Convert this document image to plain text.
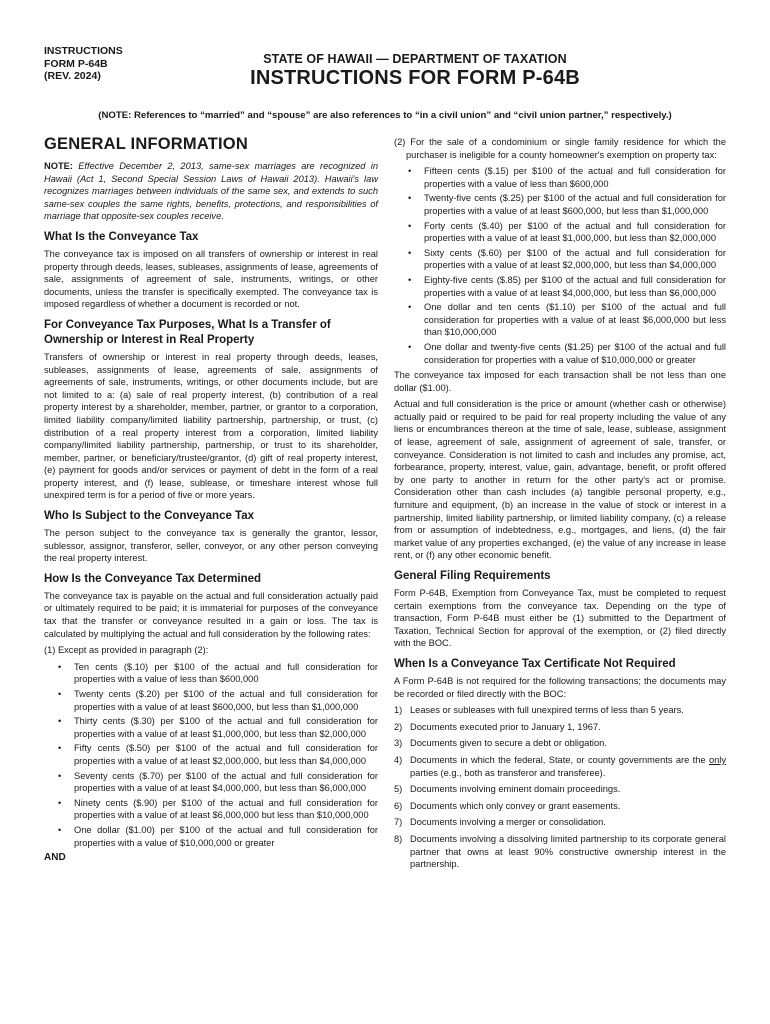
INSTRUCTIONS
FORM P-64B
(REV. 2024)
STATE OF HAWAII — DEPARTMENT OF TAXATION
INSTRUCTIONS FOR FORM P-64B
(NOTE: References to “married” and “spouse” are also references to “in a civil union” and “civil union partner,” respectively.)
GENERAL INFORMATION

NOTE: Effective December 2, 2013, same-sex marriages are recognized in Hawaii (Act 1, Second Special Session Laws of Hawaii 2013). Hawaii's law recognizes marriages between individuals of the same sex, and extends to such same-sex couples the same rights, benefits, protections, and responsibilities of marriage that opposite-sex couples receive.

What Is the Conveyance Tax

The conveyance tax is imposed on all transfers of ownership or interest in real property through deeds, leases, subleases, assignments of lease, agreements of sale, assignments of agreement of sale, instruments, writings, or other documents, unless the transfer is specifically exempted. The conveyance tax is imposed regardless of whether a document is recorded or not.

For Conveyance Tax Purposes, What Is a Transfer of Ownership or Interest in Real Property

Transfers of ownership or interest in real property through deeds, leases, subleases, assignments of lease, agreements of sale, assignments of agreements of sale, instruments, writings, or other documents include, but are not limited to a: (a) sale of real property interest, (b) contribution of a real property interest by a shareholder, member, partner, or grantor to a corporation, limited liability company/limited liability partnership, partnership, or trust, (c) distribution of a real property interest from a corporation, limited liability company/limited liability partnership, partnership, or trust to its shareholder, member, partner, or beneficiary/trustee/grantor, (d) gift of real property interest, (e) payment for goods and/or services or payment of debt in the form of a real property interest, and (f) lease, sublease, or timeshare interest whose full unexpired term is for a period of five or more years.

Who Is Subject to the Conveyance Tax

The person subject to the conveyance tax is generally the grantor, lessor, sublessor, assignor, transferor, seller, conveyor, or any other person conveying the real property interest.

How Is the Conveyance Tax Determined

The conveyance tax is payable on the actual and full consideration actually paid or ultimately required to be paid; it is immaterial for purposes of the conveyance tax that the transfer or conveyance resulted in a gain or loss. The tax is calculated by multiplying the actual and full consideration by the following rates:

(1) Except as provided in paragraph (2):

• Ten cents ($.10) per $100 of the actual and full consideration for properties with a value of less than $600,000
• Twenty cents ($.20) per $100 of the actual and full consideration for properties with a value of at least $600,000, but less than $1,000,000
• Thirty cents ($.30) per $100 of the actual and full consideration for properties with a value of at least $1,000,000, but less than $2,000,000
• Fifty cents ($.50) per $100 of the actual and full consideration for properties with a value of at least $2,000,000, but less than $4,000,000
• Seventy cents ($.70) per $100 of the actual and full consideration for properties with a value of at least $4,000,000, but less than $6,000,000
• Ninety cents ($.90) per $100 of the actual and full consideration for properties with a value of at least $6,000,000 but less than $10,000,000
• One dollar ($1.00) per $100 of the actual and full consideration for properties with a value of $10,000,000 or greater
AND

(2) For the sale of a condominium or single family residence for which the purchaser is ineligible for a county homeowner's exemption on property tax:

• Fifteen cents ($.15) per $100 of the actual and full consideration for properties with a value of less than $600,000
• Twenty-five cents ($.25) per $100 of the actual and full consideration for properties with a value of at least $600,000, but less than $1,000,000
• Forty cents ($.40) per $100 of the actual and full consideration for properties with a value of at least $1,000,000, but less than $2,000,000
• Sixty cents ($.60) per $100 of the actual and full consideration for properties with a value of at least $2,000,000, but less than $4,000,000
• Eighty-five cents ($.85) per $100 of the actual and full consideration for properties with a value of at least $4,000,000, but less than $6,000,000
• One dollar and ten cents ($1.10) per $100 of the actual and full consideration for properties with a value of at least $6,000,000 but less than $10,000,000
• One dollar and twenty-five cents ($1.25) per $100 of the actual and full consideration for properties with a value of $10,000,000 or greater

The conveyance tax imposed for each transaction shall be not less than one dollar ($1.00).

Actual and full consideration is the price or amount (whether cash or otherwise) actually paid or required to be paid for real property including the value of any liens or encumbrances thereon at the time of sale, lease, sublease, assignment of lease, agreement of sale, assignment of agreement of sale, transfer, or conveyance. Consideration is not limited to cash and includes any promise, act, forbearance, property, interest, value, gain, advantage, benefit, or profit offered by one party to another in return for the other party's act or promise. Consideration other than cash includes (a) tangible personal property, e.g., furniture and equipment, (b) an increase in the value of stock or interest in a partnership, limited liability partnership, or limited liability company, (c) a release from or assumption of indebtedness, e.g., mortgages, and liens, (d) the fair market value of any properties exchanged, (e) the value of any increase in lease rent, or (f) any other economic benefit.

General Filing Requirements

Form P-64B, Exemption from Conveyance Tax, must be completed to request certain exemptions from the conveyance tax. Depending on the type of transaction, Form P-64B must either be (1) submitted to the Department of Taxation, Technical Section for approval of the exemption, or (2) filed directly with the BOC.

When Is a Conveyance Tax Certificate Not Required

A Form P-64B is not required for the following transactions; the documents may be recorded or filed directly with the BOC:

1) Leases or subleases with full unexpired terms of less than 5 years.
2) Documents executed prior to January 1, 1967.
3) Documents given to secure a debt or obligation.
4) Documents in which the federal, State, or county governments are the only parties (e.g., both as transferor and transferee).
5) Documents involving eminent domain proceedings.
6) Documents which only convey or grant easements.
7) Documents involving a merger or consolidation.
8) Documents involving a dissolving limited partnership to its corporate general partner that owns at least 90% constructive ownership interest in the partnership.
